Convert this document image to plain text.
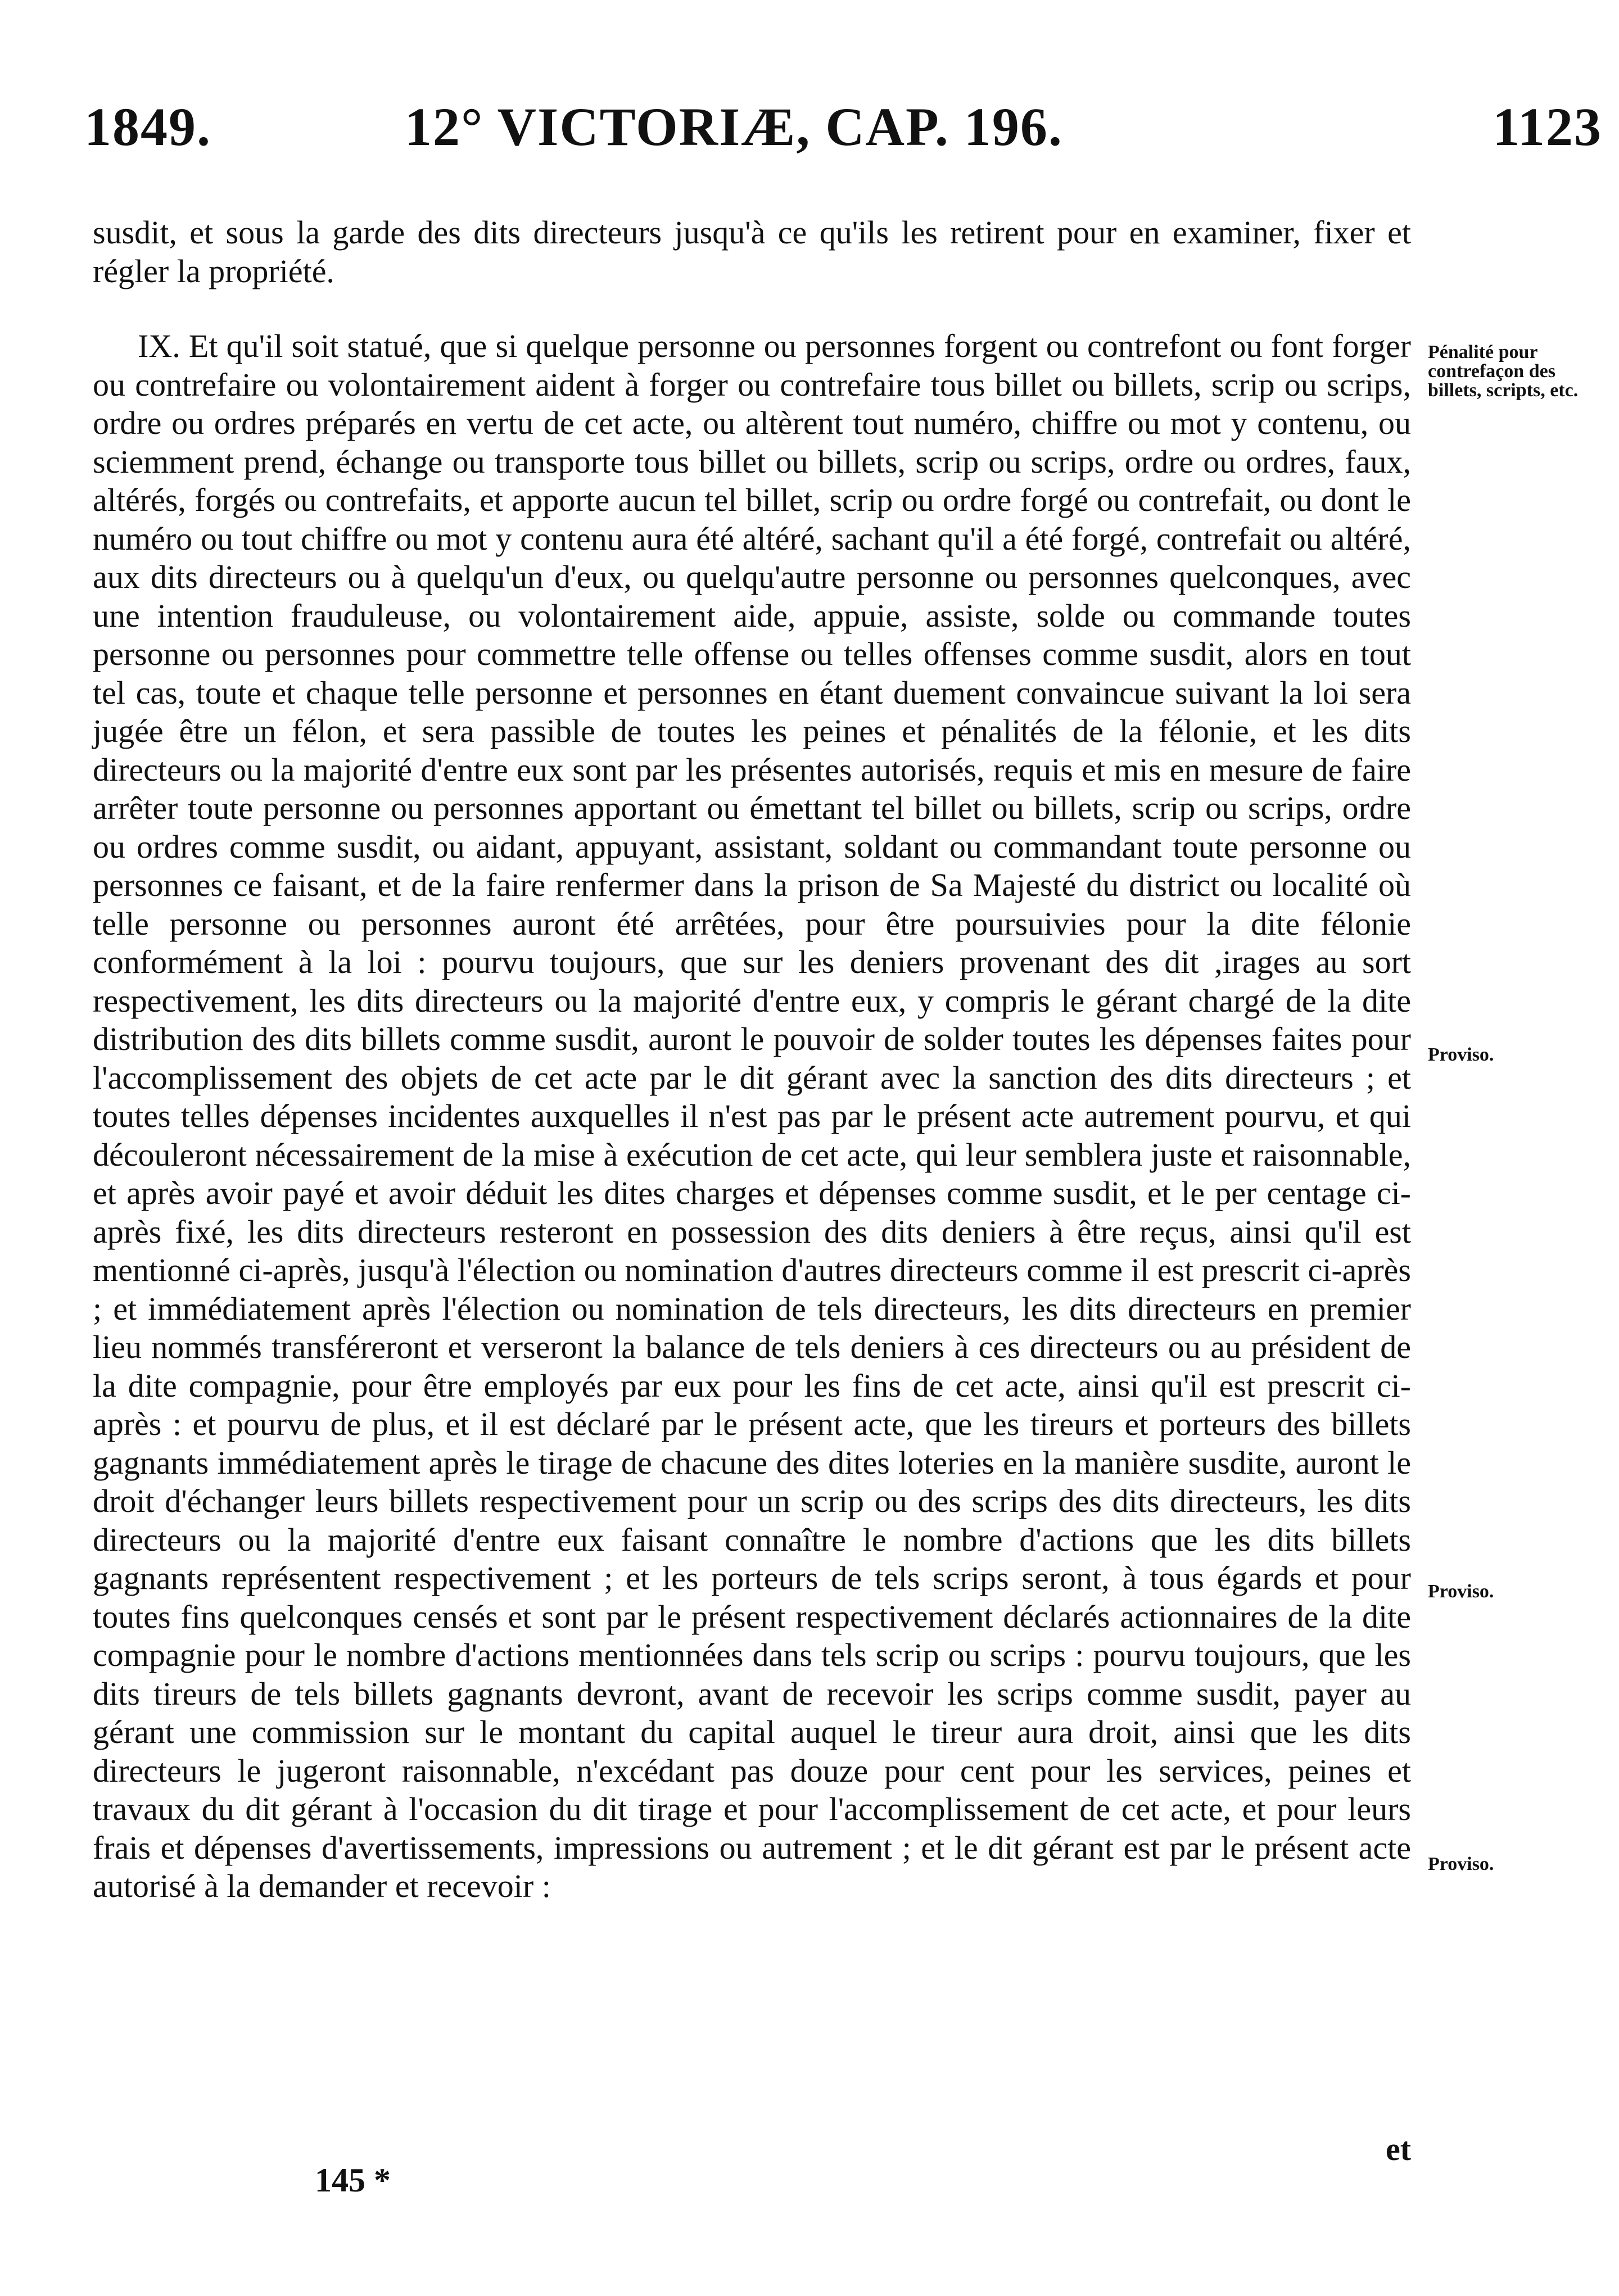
1849.	12° VICTORIÆ, CAP. 196.	1123

susdit, et sous la garde des dits directeurs jusqu'à ce qu'ils les retirent pour en examiner, fixer et régler la propriété.

IX. Et qu'il soit statué, que si quelque personne ou personnes forgent ou contrefont ou font forger ou contrefaire ou volontairement aident à forger ou contrefaire tous billet ou billets, scrip ou scrips, ordre ou ordres préparés en vertu de cet acte, ou altèrent tout numéro, chiffre ou mot y contenu, ou sciemment prend, échange ou transporte tous billet ou billets, scrip ou scrips, ordre ou ordres, faux, altérés, forgés ou contrefaits, et apporte aucun tel billet, scrip ou ordre forgé ou contrefait, ou dont le numéro ou tout chiffre ou mot y contenu aura été altéré, sachant qu'il a été forgé, contrefait ou altéré, aux dits directeurs ou à quelqu'un d'eux, ou quelqu'autre personne ou personnes quelconques, avec une intention frauduleuse, ou volontairement aide, appuie, assiste, solde ou commande toutes personne ou personnes pour commettre telle offense ou telles offenses comme susdit, alors en tout tel cas, toute et chaque telle personne et personnes en étant duement convaincue suivant la loi sera jugée être un félon, et sera passible de toutes les peines et pénalités de la félonie, et les dits directeurs ou la majorité d'entre eux sont par les présentes autorisés, requis et mis en mesure de faire arrêter toute personne ou personnes apportant ou émettant tel billet ou billets, scrip ou scrips, ordre ou ordres comme susdit, ou aidant, appuyant, assistant, soldant ou commandant toute personne ou personnes ce faisant, et de la faire renfermer dans la prison de Sa Majesté du district ou localité où telle personne ou personnes auront été arrêtées, pour être poursuivies pour la dite félonie conformément à la loi : pourvu toujours, que sur les deniers provenant des dit ,irages au sort respectivement, les dits directeurs ou la majorité d'entre eux, y compris le gérant chargé de la dite distribution des dits billets comme susdit, auront le pouvoir de solder toutes les dépenses faites pour l'accomplissement des objets de cet acte par le dit gérant avec la sanction des dits directeurs ; et toutes telles dépenses incidentes auxquelles il n'est pas par le présent acte autrement pourvu, et qui découleront nécessairement de la mise à exécution de cet acte, qui leur semblera juste et raisonnable, et après avoir payé et avoir déduit les dites charges et dépenses comme susdit, et le per centage ci-après fixé, les dits directeurs resteront en possession des dits deniers à être reçus, ainsi qu'il est mentionné ci-après, jusqu'à l'élection ou nomination d'autres directeurs comme il est prescrit ci-après ; et immédiatement après l'élection ou nomination de tels directeurs, les dits directeurs en premier lieu nommés transféreront et verseront la balance de tels deniers à ces directeurs ou au président de la dite compagnie, pour être employés par eux pour les fins de cet acte, ainsi qu'il est prescrit ci-après : et pourvu de plus, et il est déclaré par le présent acte, que les tireurs et porteurs des billets gagnants immédiatement après le tirage de chacune des dites loteries en la manière susdite, auront le droit d'échanger leurs billets respectivement pour un scrip ou des scrips des dits directeurs, les dits directeurs ou la majorité d'entre eux faisant connaître le nombre d'actions que les dits billets gagnants représentent respectivement ; et les porteurs de tels scrips seront, à tous égards et pour toutes fins quelconques censés et sont par le présent respectivement déclarés actionnaires de la dite compagnie pour le nombre d'actions mentionnées dans tels scrip ou scrips : pourvu toujours, que les dits tireurs de tels billets gagnants devront, avant de recevoir les scrips comme susdit, payer au gérant une commission sur le montant du capital auquel le tireur aura droit, ainsi que les dits directeurs le jugeront raisonnable, n'excédant pas douze pour cent pour les services, peines et travaux du dit gérant à l'occasion du dit tirage et pour l'accomplissement de cet acte, et pour leurs frais et dépenses d'avertissements, impressions ou autrement ; et le dit gérant est par le présent acte autorisé à la demander et recevoir :

Pénalité pour contrefaçon des billets, scripts, etc.
Proviso.
Proviso.
Proviso.
et
145 *
